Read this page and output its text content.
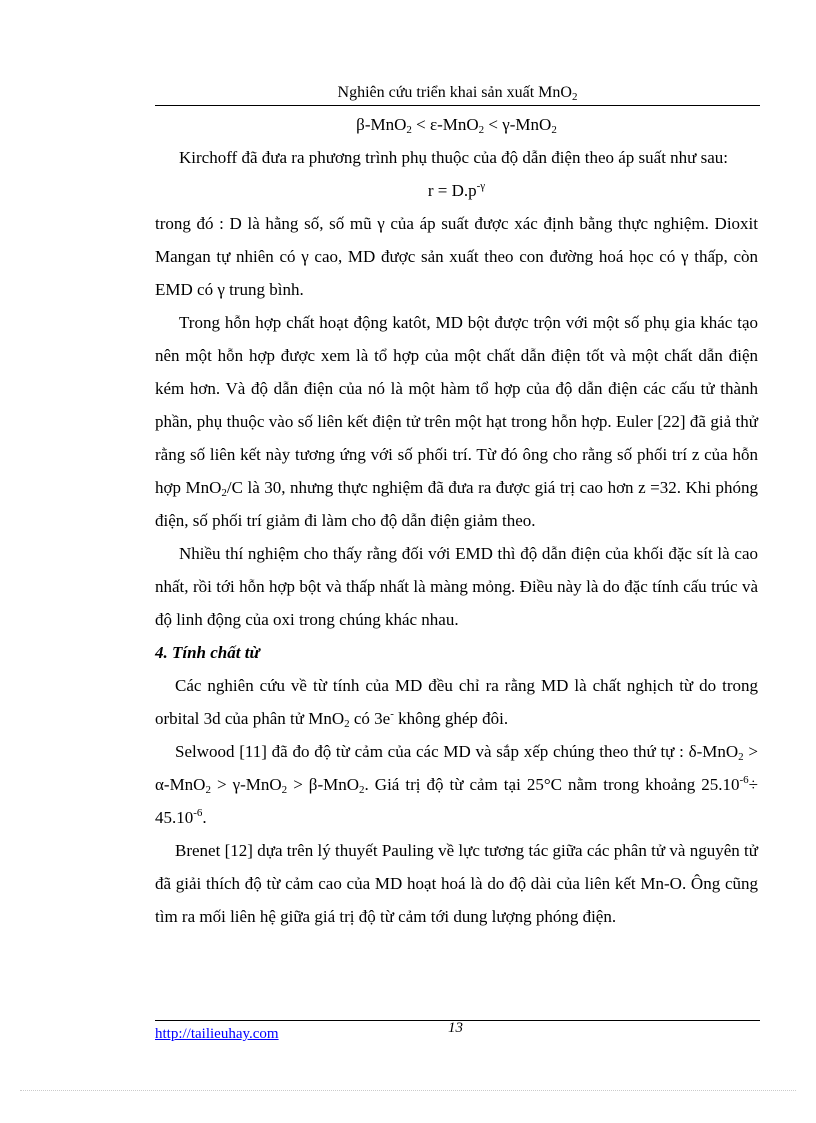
Nghiên cứu triển khai sản xuất MnO$_2$

β-MnO$_2$ < ε-MnO$_2$ < γ-MnO$_2$

Kirchoff đã đưa ra phương trình phụ thuộc của độ dẫn điện theo áp suất như sau:

$r = D.p^{-\gamma}$

trong đó : D là hằng số, số mũ γ của áp suất được xác định bằng thực nghiệm. Dioxit Mangan tự nhiên có γ cao, MD được sản xuất theo con đường hoá học có γ thấp, còn EMD có γ trung bình.

Trong hỗn hợp chất hoạt động katôt, MD bột được trộn với một số phụ gia khác tạo nên một hỗn hợp được xem là tổ hợp của một chất dẫn điện tốt và một chất dẫn điện kém hơn. Và độ dẫn điện của nó là một hàm tổ hợp của độ dẫn điện các cấu tử thành phần, phụ thuộc vào số liên kết điện tử trên một hạt trong hỗn hợp. Euler [22] đã giả thử rằng số liên kết này tương ứng với số phối trí. Từ đó ông cho rằng số phối trí z của hỗn hợp MnO$_2$/C là 30, nhưng thực nghiệm đã đưa ra được giá trị cao hơn z =32. Khi phóng điện, số phối trí giảm đi làm cho độ dẫn điện giảm theo.

Nhiều thí nghiệm cho thấy rằng đối với EMD thì độ dẫn điện của khối đặc sít là cao nhất, rồi tới hỗn hợp bột và thấp nhất là màng mỏng. Điều này là do đặc tính cấu trúc và độ linh động của oxi trong chúng khác nhau.

4. Tính chất từ

Các nghiên cứu về từ tính của MD đều chỉ ra rằng MD là chất nghịch từ do trong orbital 3d của phân tử MnO$_2$ có 3e- không ghép đôi.

Selwood [11] đã đo độ từ cảm của các MD và sắp xếp chúng theo thứ tự : δ-MnO$_2$ > α-MnO$_2$ > γ-MnO$_2$ > β-MnO$_2$. Giá trị độ từ cảm tại 25°C nằm trong khoảng $25.10^{-6}\div 45.10^{-6}$.

Brenet [12] dựa trên lý thuyết Pauling về lực tương tác giữa các phân tử và nguyên tử đã giải thích độ từ cảm cao của MD hoạt hoá là do độ dài của liên kết Mn-O. Ông cũng tìm ra mối liên hệ giữa giá trị độ từ cảm tới dung lượng phóng điện.

http://tailieuhay.com	13
